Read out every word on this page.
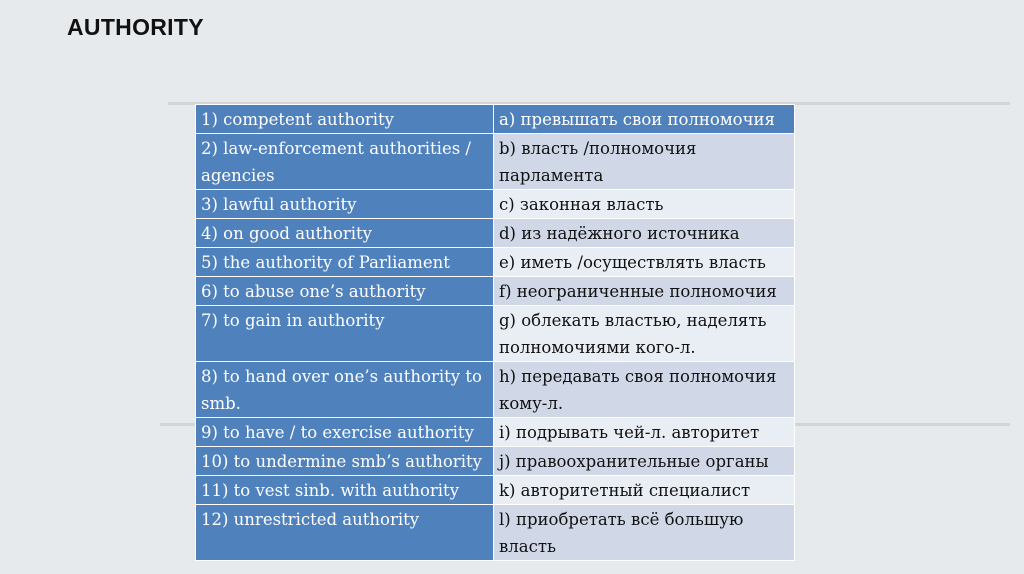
AUTHORITY
1) competent authority	а) превышать свои полномочия
2) law-enforcement authorities / agencies	b) власть /полномочия парламента
3) lawful authority	c) законная власть
4) on good authority	d) из надёжного источника
5) the authority of Parliament	e) иметь /осуществлять власть
6) to abuse one’s authority	f) неограниченные полномочия
7) to gain in authority	g) облекать властью, наделять полномочиями кого-л.
8) to hand over one’s authority to smb.	h) передавать своя полномочия кому-л.
9) to have / to exercise authority	i) подрывать чей-л. авторитет
10) to undermine smb’s authority	j) правоохранительные органы
11) to vest sinb. with authority	k) авторитетный специалист
12) unrestricted authority	l) приобретать всё большую власть
